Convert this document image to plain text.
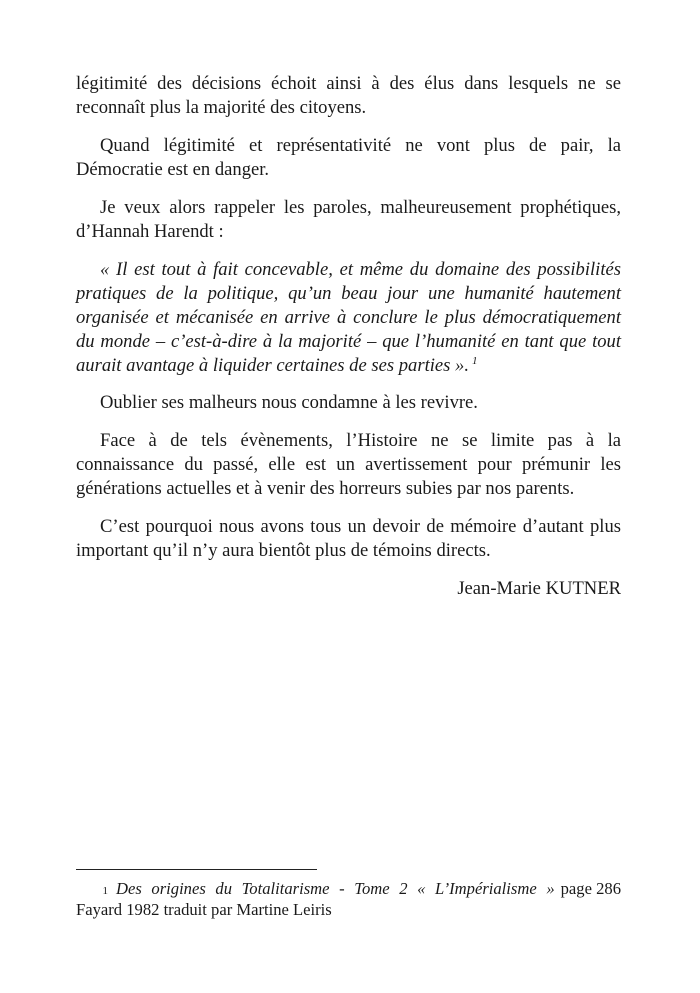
légitimité des décisions échoit ainsi à des élus dans lesquels ne se reconnaît plus la majorité des citoyens.

Quand légitimité et représentativité ne vont plus de pair, la Démocratie est en danger.

Je veux alors rappeler les paroles, malheureusement prophétiques, d’Hannah Harendt :

« Il est tout à fait concevable, et même du domaine des possibilités pratiques de la politique, qu’un beau jour une humanité hautement organisée et mécanisée en arrive à conclure le plus démocratiquement du monde – c’est-à-dire à la majorité – que l’humanité en tant que tout aurait avantage à liquider certaines de ses parties ». $^1$

Oublier ses malheurs nous condamne à les revivre.

Face à de tels évènements, l’Histoire ne se limite pas à la connaissance du passé, elle est un avertissement pour prémunir les générations actuelles et à venir des horreurs subies par nos parents.

C’est pourquoi nous avons tous un devoir de mémoire d’autant plus important qu’il n’y aura bientôt plus de témoins directs.

Jean-Marie KUTNER

1 Des origines du Totalitarisme - Tome 2 « L’Impérialisme » page 286
Fayard 1982 traduit par Martine Leiris
